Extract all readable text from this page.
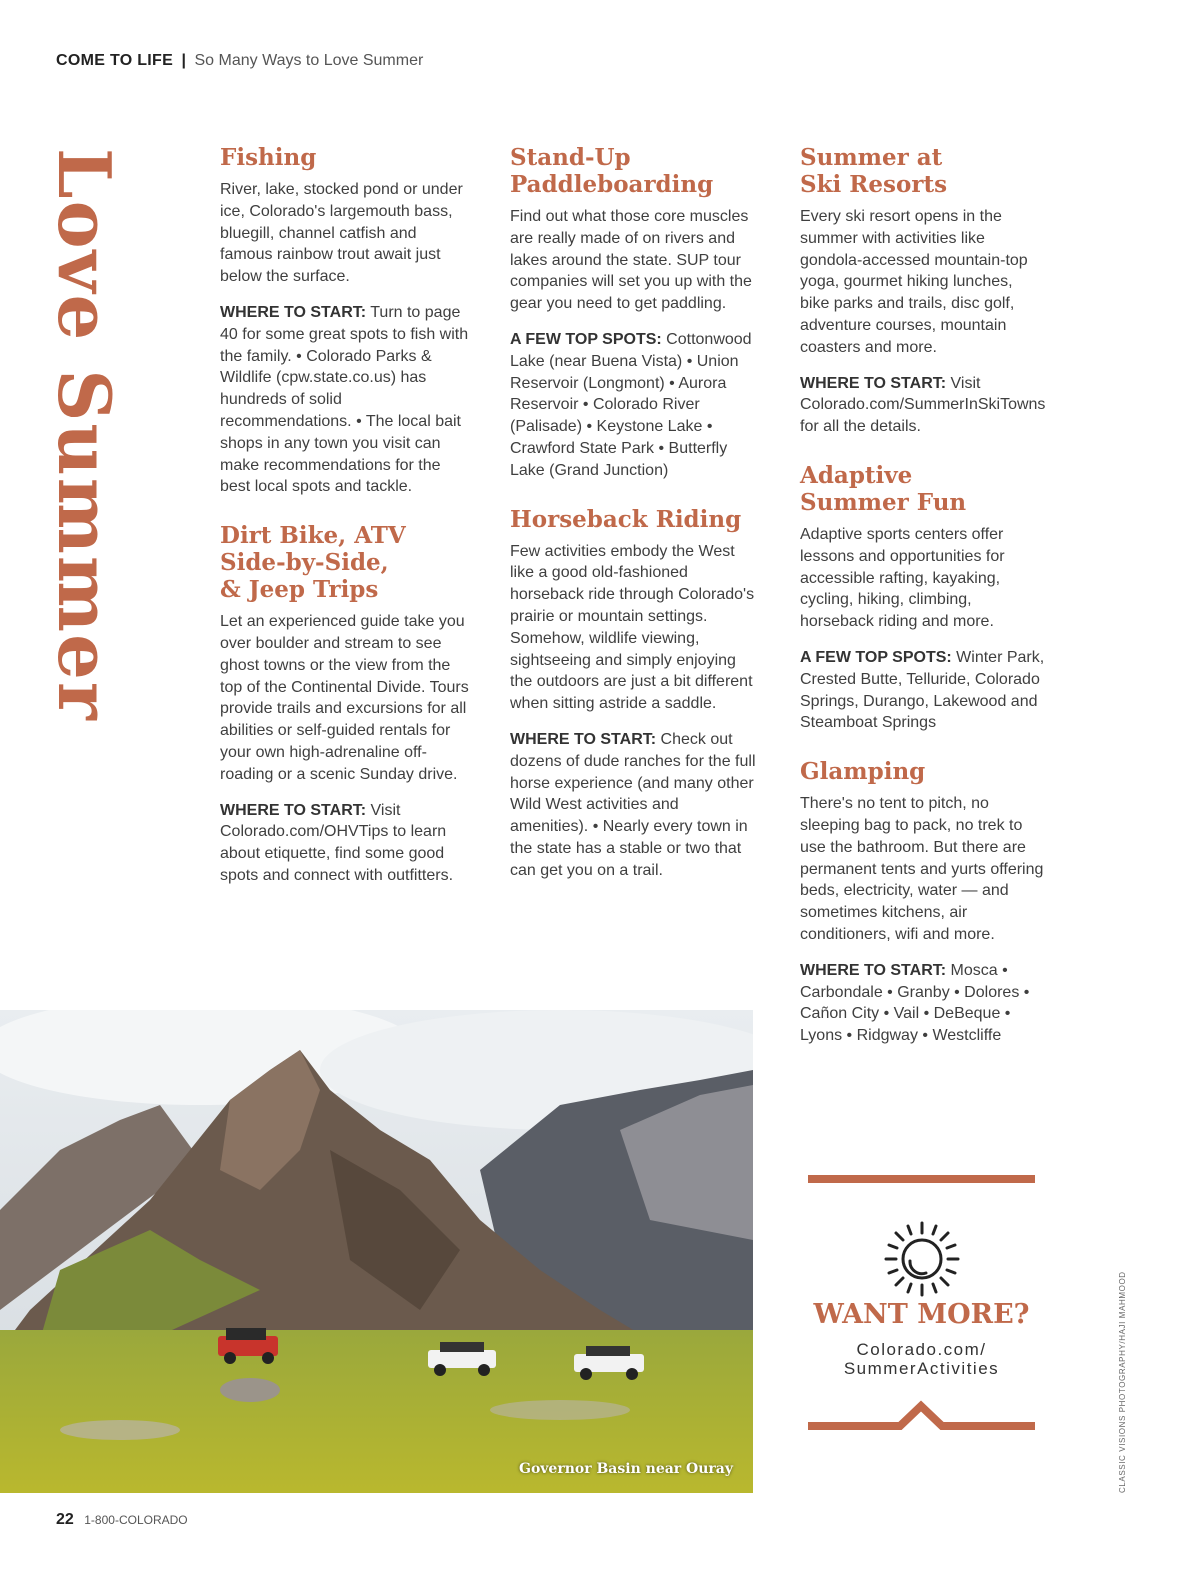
COME TO LIFE | So Many Ways to Love Summer
Love Summer	Fishing

River, lake, stocked pond or under ice, Colorado's largemouth bass, bluegill, channel catfish and famous rainbow trout await just below the surface.

WHERE TO START: Turn to page 40 for some great spots to fish with the family. • Colorado Parks & Wildlife (cpw.state.co.us) has hundreds of solid recommendations. • The local bait shops in any town you visit can make recommendations for the best local spots and tackle.

Dirt Bike, ATV
Side-by-Side,
& Jeep Trips

Let an experienced guide take you over boulder and stream to see ghost towns or the view from the top of the Continental Divide. Tours provide trails and excursions for all abilities or self-guided rentals for your own high-adrenaline off-roading or a scenic Sunday drive.

WHERE TO START: Visit Colorado.com/OHVTips to learn about etiquette, find some good spots and connect with outfitters.

Stand-Up
Paddleboarding

Find out what those core muscles are really made of on rivers and lakes around the state. SUP tour companies will set you up with the gear you need to get paddling.

A FEW TOP SPOTS: Cottonwood Lake (near Buena Vista) • Union Reservoir (Longmont) • Aurora Reservoir • Colorado River (Palisade) • Keystone Lake • Crawford State Park • Butterfly Lake (Grand Junction)

Horseback Riding

Few activities embody the West like a good old-fashioned horseback ride through Colorado's prairie or mountain settings. Somehow, wildlife viewing, sightseeing and simply enjoying the outdoors are just a bit different when sitting astride a saddle.

WHERE TO START: Check out dozens of dude ranches for the full horse experience (and many other Wild West activities and amenities). • Nearly every town in the state has a stable or two that can get you on a trail.

Summer at
Ski Resorts

Every ski resort opens in the summer with activities like gondola-accessed mountain-top yoga, gourmet hiking lunches, bike parks and trails, disc golf, adventure courses, mountain coasters and more.

WHERE TO START: Visit Colorado.com/SummerInSkiTowns for all the details.

Adaptive
Summer Fun

Adaptive sports centers offer lessons and opportunities for accessible rafting, kayaking, cycling, hiking, climbing, horseback riding and more.

A FEW TOP SPOTS: Winter Park, Crested Butte, Telluride, Colorado Springs, Durango, Lakewood and Steamboat Springs

Glamping

There's no tent to pitch, no sleeping bag to pack, no trek to use the bathroom. But there are permanent tents and yurts offering beds, electricity, water — and sometimes kitchens, air conditioners, wifi and more.

WHERE TO START: Mosca • Carbondale • Granby • Dolores • Cañon City • Vail • DeBeque • Lyons • Ridgway • Westcliffe

Governor Basin near Ouray
WANT MORE?
Colorado.com/
SummerActivities	CLASSIC VISIONS PHOTOGRAPHY/HAJI MAHMOOD
22 1-800-COLORADO
